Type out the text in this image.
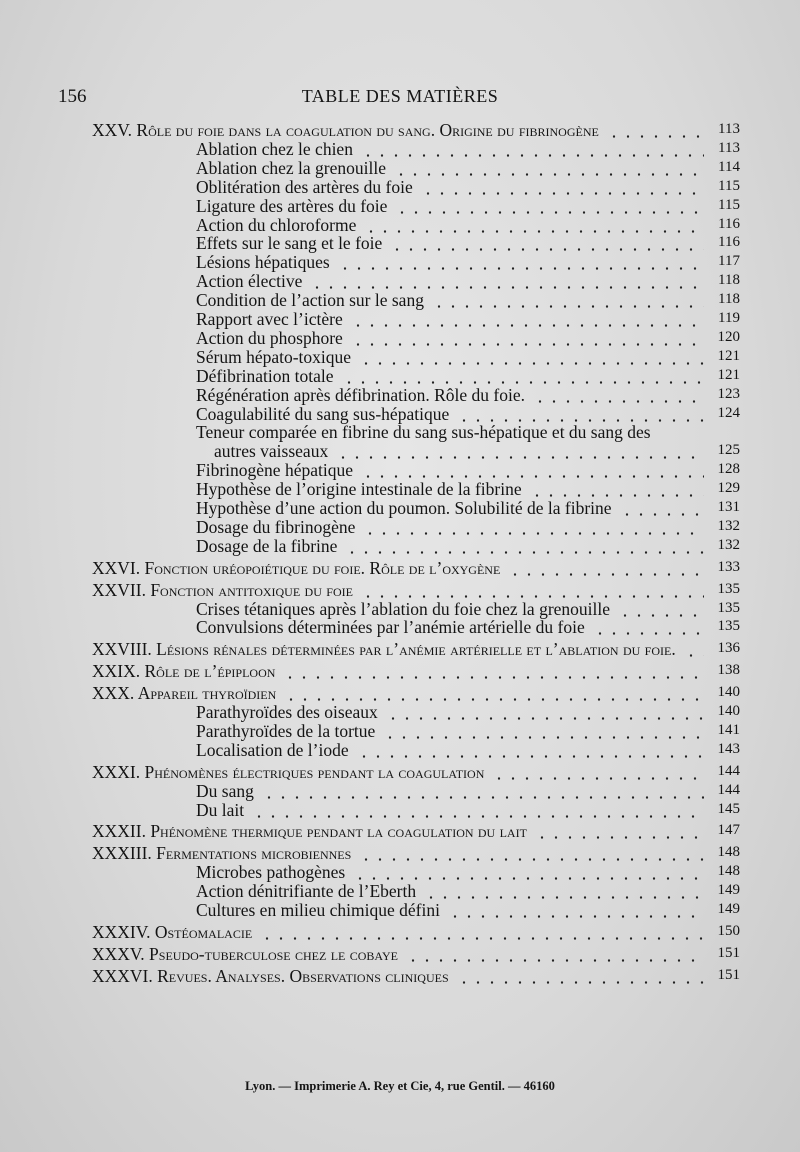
156	TABLE DES MATIÈRES
XXV. Rôle du foie dans la coagulation du sang. Origine du fibrinogène	113
Ablation chez le chien	113
Ablation chez la grenouille	114
Oblitération des artères du foie	115
Ligature des artères du foie	115
Action du chloroforme	116
Effets sur le sang et le foie	116
Lésions hépatiques	117
Action élective	118
Condition de l’action sur le sang	118
Rapport avec l’ictère	119
Action du phosphore	120
Sérum hépato-toxique	121
Défibrination totale	121
Régénération après défibrination. Rôle du foie.	123
Coagulabilité du sang sus-hépatique	124
Teneur comparée en fibrine du sang sus-hépatique et du sang des
autres vaisseaux	125
Fibrinogène hépatique	128
Hypothèse de l’origine intestinale de la fibrine	129
Hypothèse d’une action du poumon. Solubilité de la fibrine	131
Dosage du fibrinogène	132
Dosage de la fibrine	132
XXVI. Fonction uréopoiétique du foie. Rôle de l’oxygène	133
XXVII. Fonction antitoxique du foie	135
Crises tétaniques après l’ablation du foie chez la grenouille	135
Convulsions déterminées par l’anémie artérielle du foie	135
XXVIII. Lésions rénales déterminées par l’anémie artérielle et l’ablation du foie.	136
XXIX. Rôle de l’épiploon	138
XXX. Appareil thyroïdien	140
Parathyroïdes des oiseaux	140
Parathyroïdes de la tortue	141
Localisation de l’iode	143
XXXI. Phénomènes électriques pendant la coagulation	144
Du sang	144
Du lait	145
XXXII. Phénomène thermique pendant la coagulation du lait	147
XXXIII. Fermentations microbiennes	148
Microbes pathogènes	148
Action dénitrifiante de l’Eberth	149
Cultures en milieu chimique défini	149
XXXIV. Ostéomalacie	150
XXXV. Pseudo-tuberculose chez le cobaye	151
XXXVI. Revues. Analyses. Observations cliniques	151
Lyon. — Imprimerie A. Rey et Cie, 4, rue Gentil. — 46160
